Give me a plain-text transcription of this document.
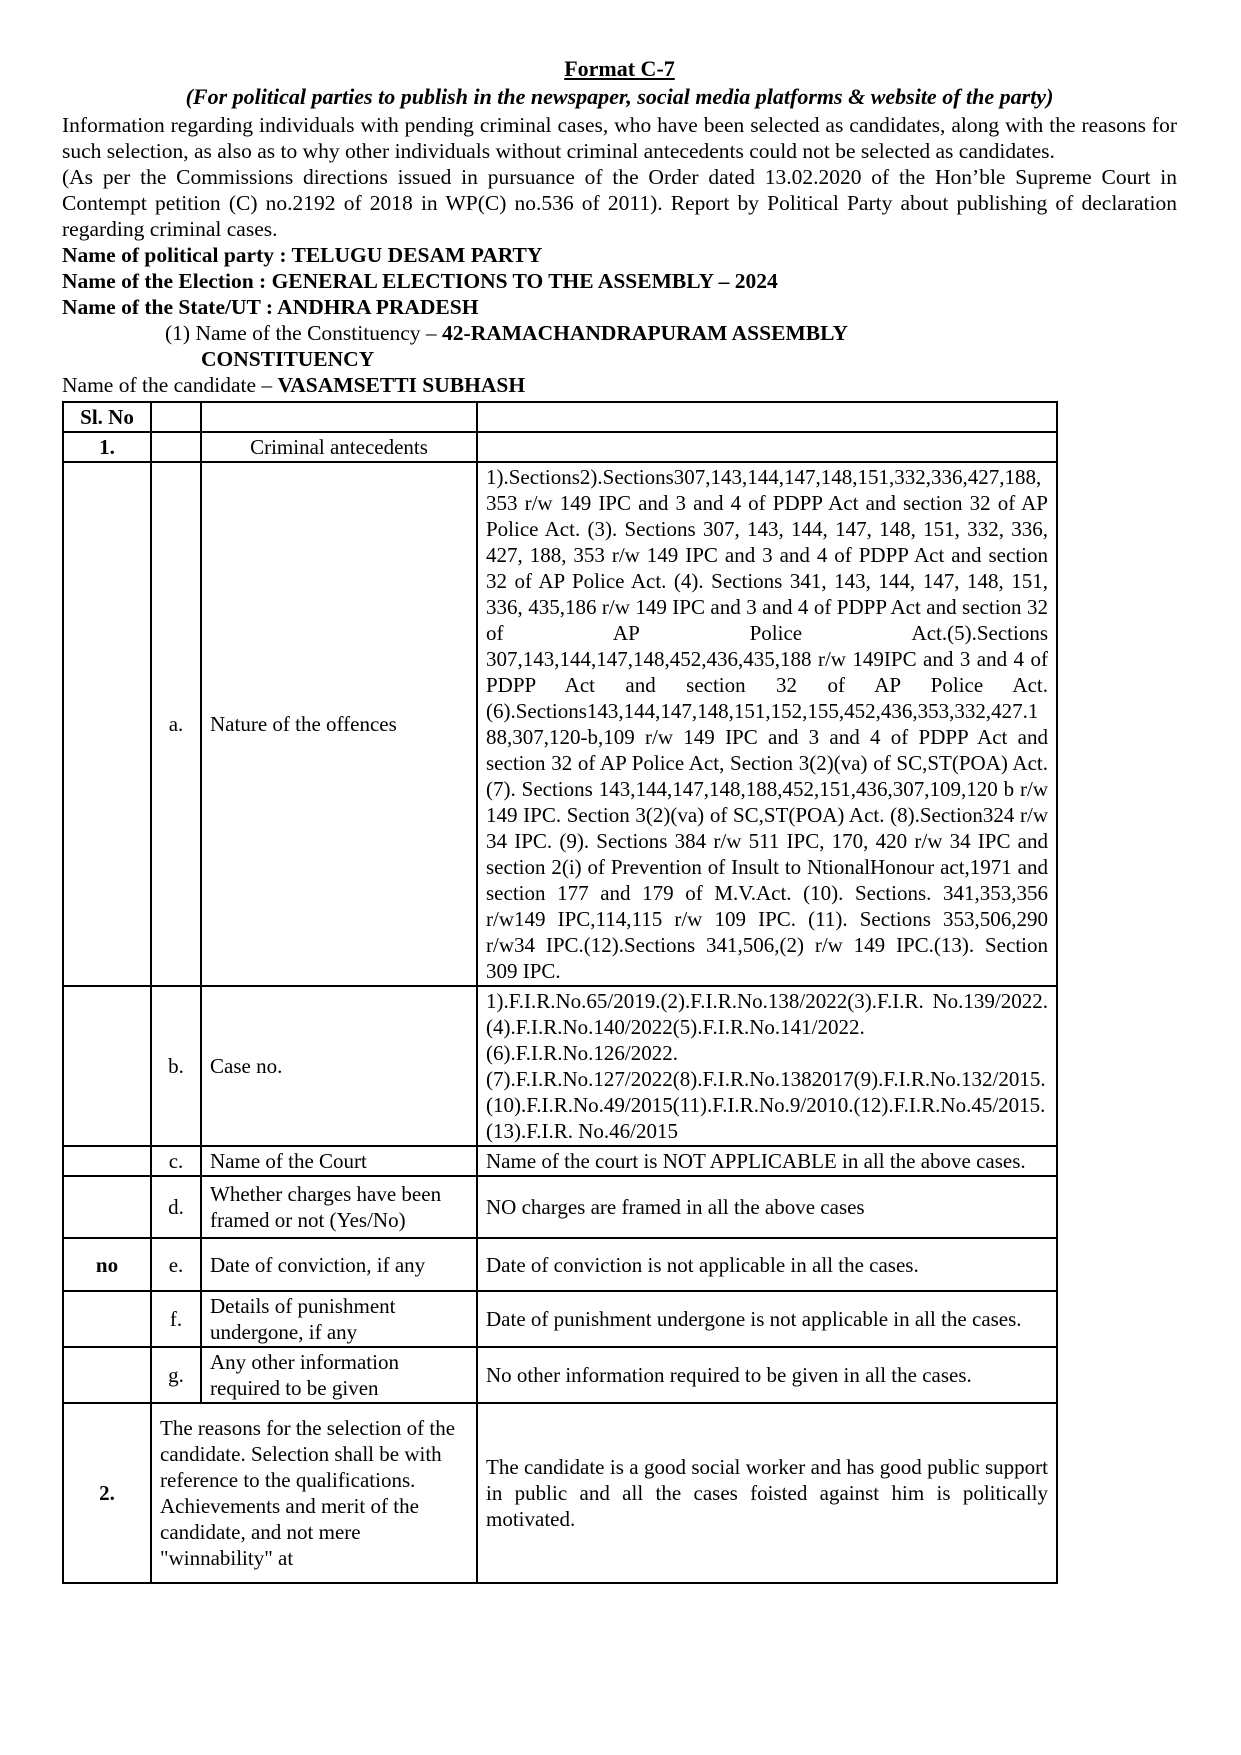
Format C-7
(For political parties to publish in the newspaper, social media platforms & website of the party)

Information regarding individuals with pending criminal cases, who have been selected as candidates, along with the reasons for such selection, as also as to why other individuals without criminal antecedents could not be selected as candidates.

(As per the Commissions directions issued in pursuance of the Order dated 13.02.2020 of the Hon’ble Supreme Court in Contempt petition (C) no.2192 of 2018 in WP(C) no.536 of 2011). Report by Political Party about publishing of declaration regarding criminal cases.

Name of political party : TELUGU DESAM PARTY
Name of the Election : GENERAL ELECTIONS TO THE ASSEMBLY – 2024
Name of the State/UT : ANDHRA PRADESH
(1) Name of the Constituency – 42-RAMACHANDRAPURAM ASSEMBLY
CONSTITUENCY
Name of the candidate – VASAMSETTI SUBHASH
Sl. No			
1.		Criminal antecedents	
	a.	Nature of the offences	1).Sections2).Sections307,143,144,147,148,151,332,336,427,188,353 r/w 149 IPC and 3 and 4 of PDPP Act and section 32 of AP Police Act. (3). Sections 307, 143, 144, 147, 148, 151, 332, 336, 427, 188, 353 r/w 149 IPC and 3 and 4 of PDPP Act and section 32 of AP Police Act. (4). Sections 341, 143, 144, 147, 148, 151, 336, 435,186 r/w 149 IPC and 3 and 4 of PDPP Act and section 32 of AP Police Act.(5).Sections 307,143,144,147,148,452,436,435,188 r/w 149IPC and 3 and 4 of PDPP Act and section 32 of AP Police Act.(6).Sections143,144,147,148,151,152,155,452,436,353,332,427.188,307,120-b,109 r/w 149 IPC and 3 and 4 of PDPP Act and section 32 of AP Police Act, Section 3(2)(va) of SC,ST(POA) Act. (7). Sections 143,144,147,148,188,452,151,436,307,109,120 b r/w 149 IPC. Section 3(2)(va) of SC,ST(POA) Act. (8).Section324 r/w 34 IPC. (9). Sections 384 r/w 511 IPC, 170, 420 r/w 34 IPC and section 2(i) of Prevention of Insult to NtionalHonour act,1971 and section 177 and 179 of M.V.Act. (10). Sections. 341,353,356 r/w149 IPC,114,115 r/w 109 IPC. (11). Sections 353,506,290 r/w34 IPC.(12).Sections 341,506,(2) r/w 149 IPC.(13). Section 309 IPC.
	b.	Case no.	1).F.I.R.No.65/2019.(2).F.I.R.No.138/2022(3).F.I.R. No.139/2022.(4).F.I.R.No.140/2022(5).F.I.R.No.141/2022.(6).F.I.R.No.126/2022.(7).F.I.R.No.127/2022(8).F.I.R.No.1382017(9).F.I.R.No.132/2015.(10).F.I.R.No.49/2015(11).F.I.R.No.9/2010.(12).F.I.R.No.45/2015.(13).F.I.R. No.46/2015
	c.	Name of the Court	Name of the court is NOT APPLICABLE in all the above cases.
	d.	Whether charges have been framed or not (Yes/No)	NO charges are framed in all the above cases
no	e.	Date of conviction, if any	Date of conviction is not applicable in all the cases.
	f.	Details of punishment undergone, if any	Date of punishment undergone is not applicable in all the cases.
	g.	Any other information required to be given	No other information required to be given in all the cases.
2.	The reasons for the selection of the candidate. Selection shall be with reference to the qualifications. Achievements and merit of the candidate, and not mere "winnability" at		The candidate is a good social worker and has good public support in public and all the cases foisted against him is politically motivated.
